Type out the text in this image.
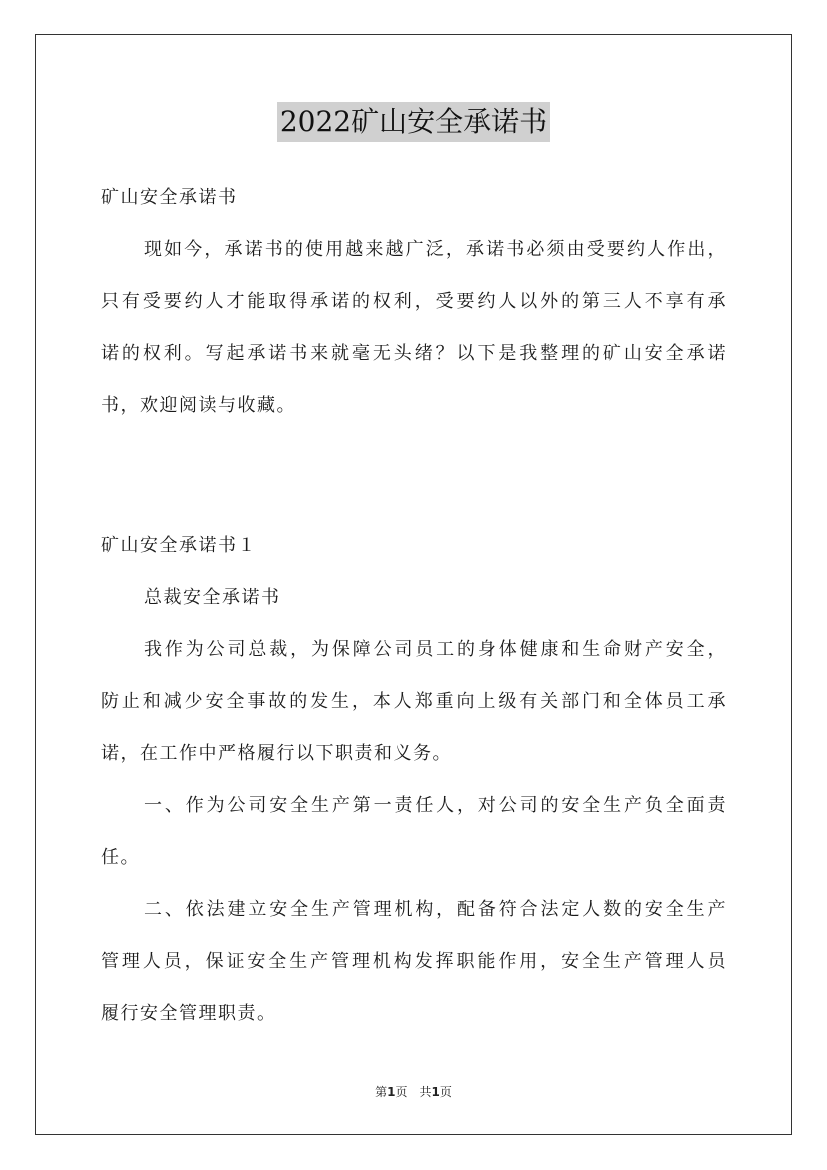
2022矿山安全承诺书

矿山安全承诺书

现如今，承诺书的使用越来越广泛，承诺书必须由受要约人作出，

只有受要约人才能取得承诺的权利，受要约人以外的第三人不享有承

诺的权利。写起承诺书来就毫无头绪？以下是我整理的矿山安全承诺

书，欢迎阅读与收藏。

矿山安全承诺书１

总裁安全承诺书

我作为公司总裁，为保障公司员工的身体健康和生命财产安全，

防止和减少安全事故的发生，本人郑重向上级有关部门和全体员工承

诺，在工作中严格履行以下职责和义务。

一、作为公司安全生产第一责任人，对公司的安全生产负全面责

任。

二、依法建立安全生产管理机构，配备符合法定人数的安全生产

管理人员，保证安全生产管理机构发挥职能作用，安全生产管理人员

履行安全管理职责。

第1页　共1页
